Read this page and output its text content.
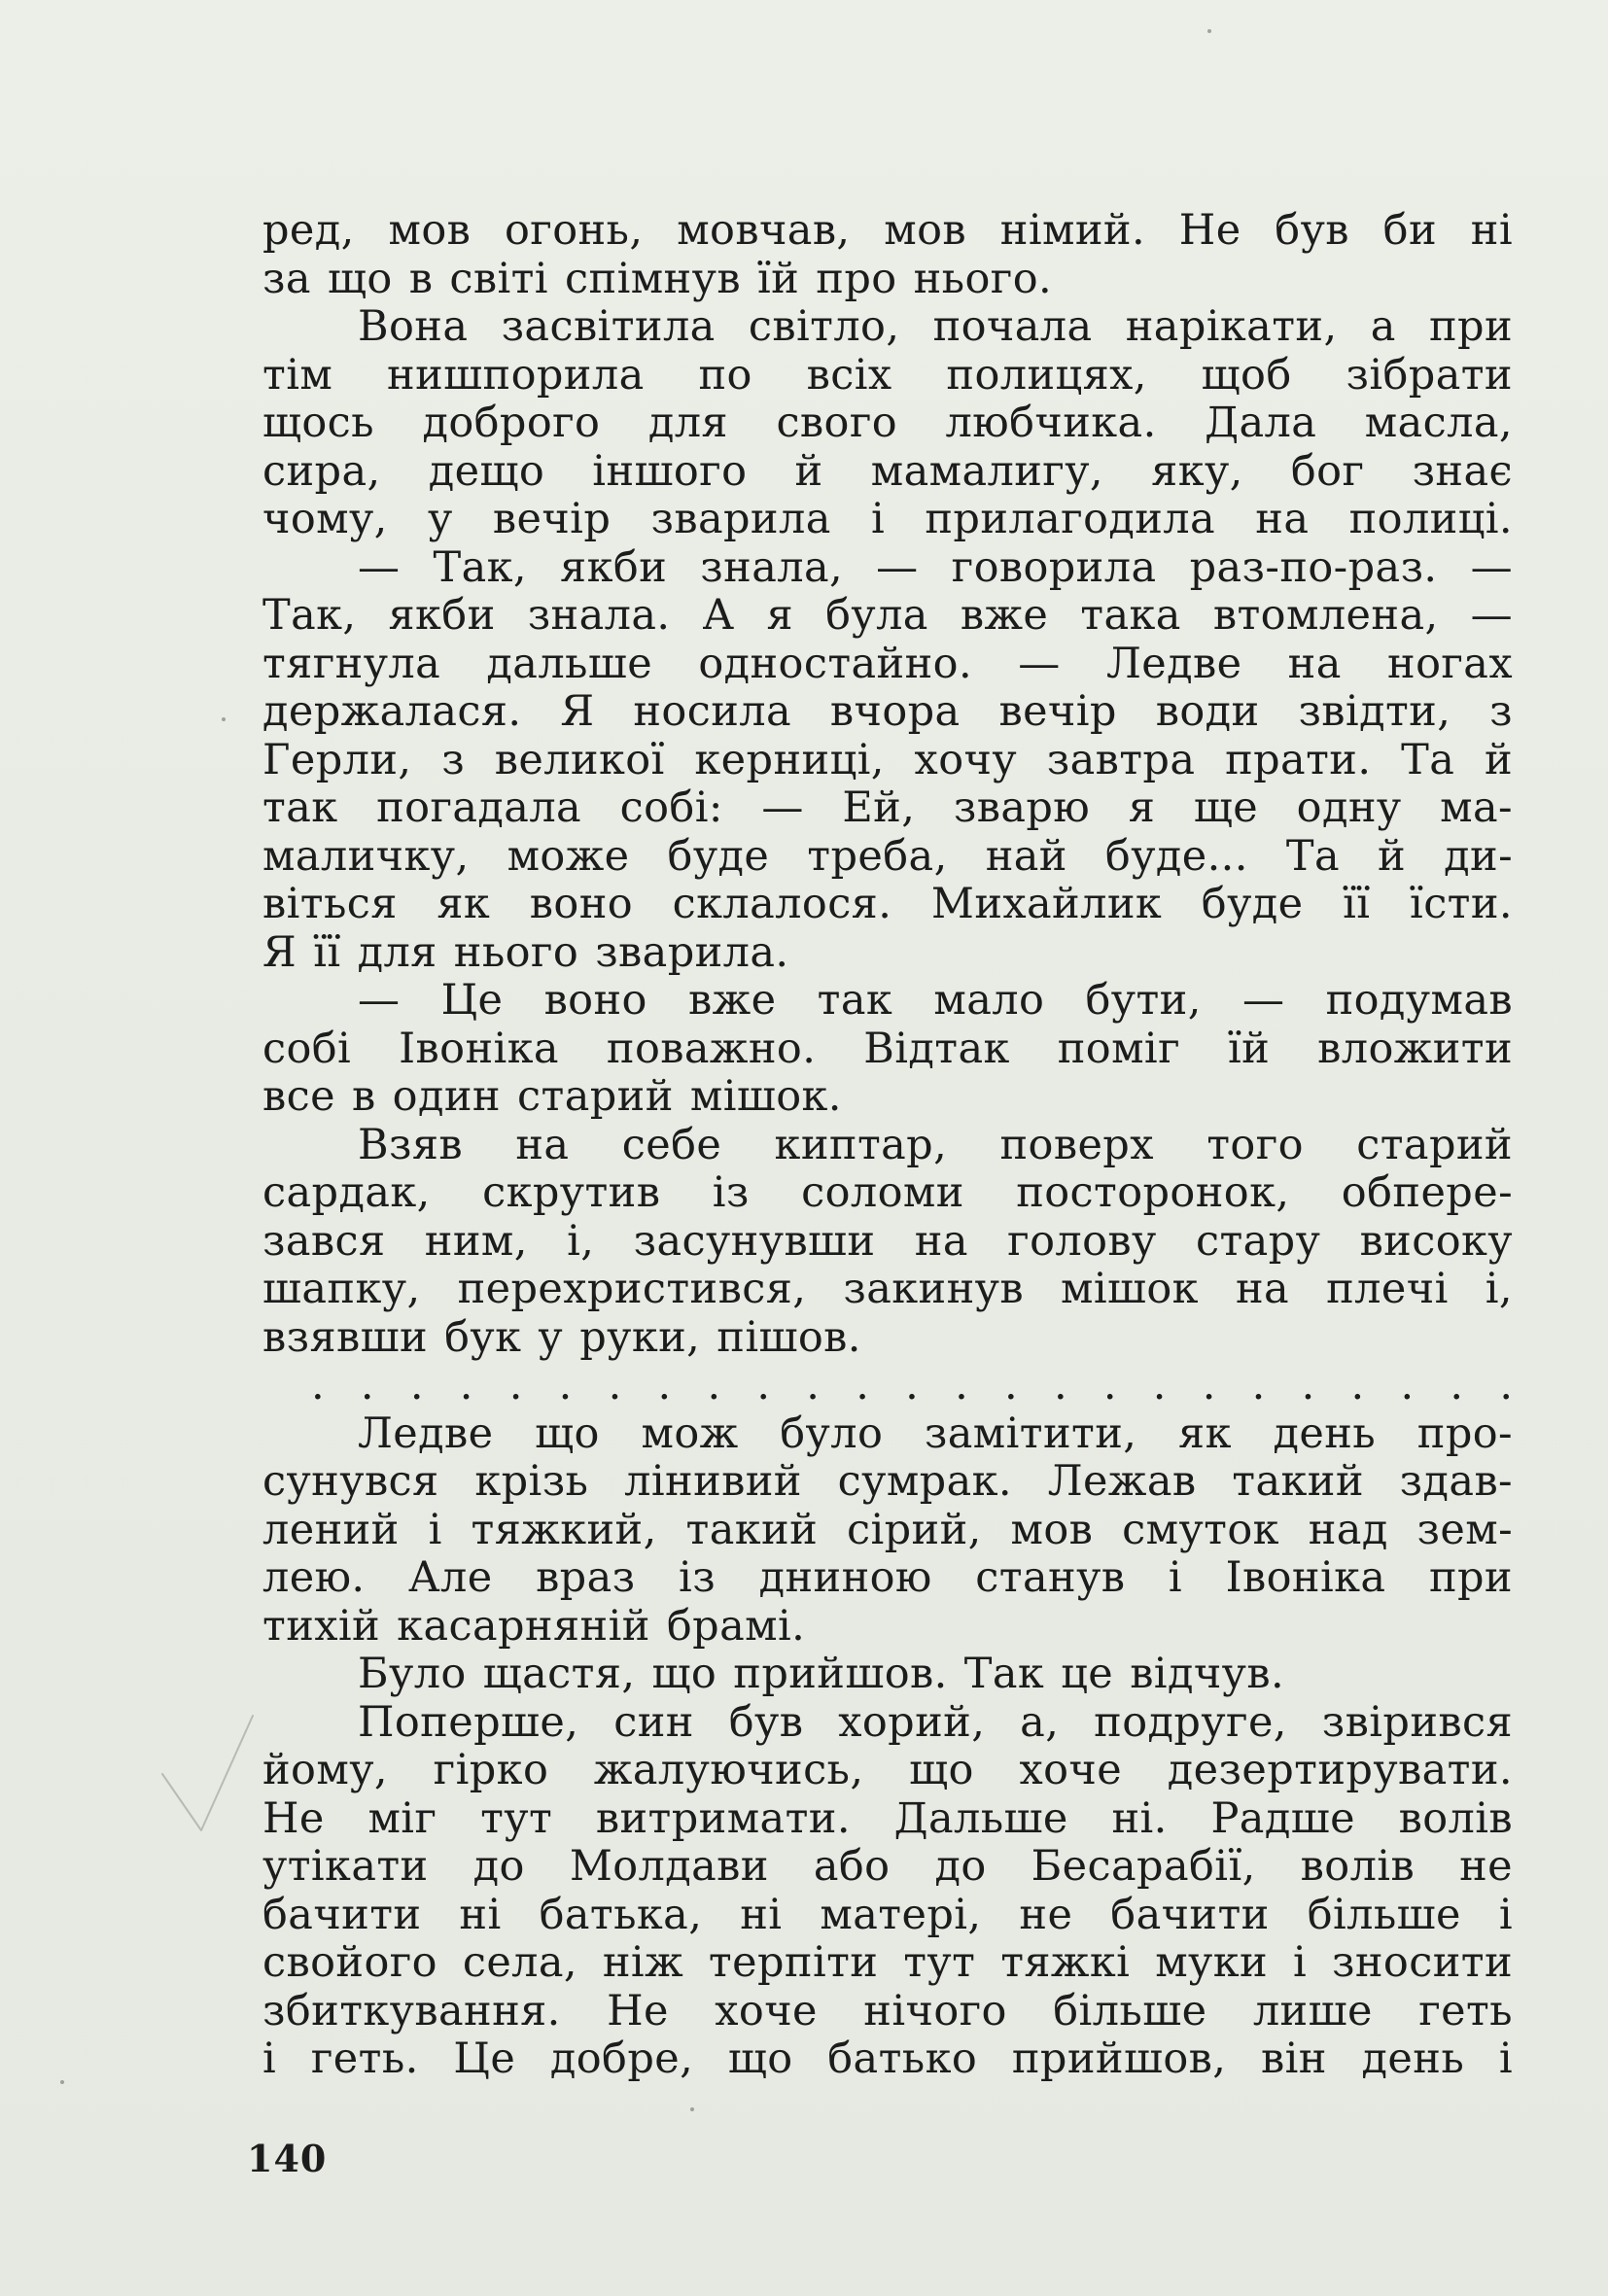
ред, мов огонь, мовчав, мов німий. Не був би ні
за що в світі спімнув їй про нього.
Вона засвітила світло, почала нарікати, а при
тім нишпорила по всіх полицях, щоб зібрати
щось доброго для свого любчика. Дала масла,
сира, дещо іншого й мамалигу, яку, бог знає
чому, у вечір зварила і прилагодила на полиці.
— Так, якби знала, — говорила раз-по-раз. —
Так, якби знала. А я була вже така втомлена, —
тягнула дальше одностайно. — Ледве на ногах
держалася. Я носила вчора вечір води звідти, з
Герли, з великої керниці, хочу завтра прати. Та й
так погадала собі: — Ей, зварю я ще одну ма-
маличку, може буде треба, най буде... Та й ди-
віться як воно склалося. Михайлик буде її їсти.
Я її для нього зварила.
— Це воно вже так мало бути, — подумав
собі Івоніка поважно. Відтак поміг їй вложити
все в один старий мішок.
Взяв на себе киптар, поверх того старий
сардак, скрутив із соломи посторонок, обпере-
зався ним, і, засунувши на голову стару високу
шапку, перехристився, закинув мішок на плечі і,
взявши бук у руки, пішов.
. . . . . . . . . . . . . . . . . . . . . . . . .
Ледве що мож було замітити, як день про-
сунувся крізь лінивий сумрак. Лежав такий здав-
лений і тяжкий, такий сірий, мов смуток над зем-
лею. Але враз із дниною станув і Івоніка при
тихій касарняній брамі.
Було щастя, що прийшов. Так це відчув.
Поперше, син був хорий, а, подруге, звірився
йому, гірко жалуючись, що хоче дезертирувати.
Не міг тут витримати. Дальше ні. Радше волів
утікати до Молдави або до Бесарабії, волів не
бачити ні батька, ні матері, не бачити більше і
свойого села, ніж терпіти тут тяжкі муки і зносити
збиткування. Не хоче нічого більше лише геть
і геть. Це добре, що батько прийшов, він день і
140
